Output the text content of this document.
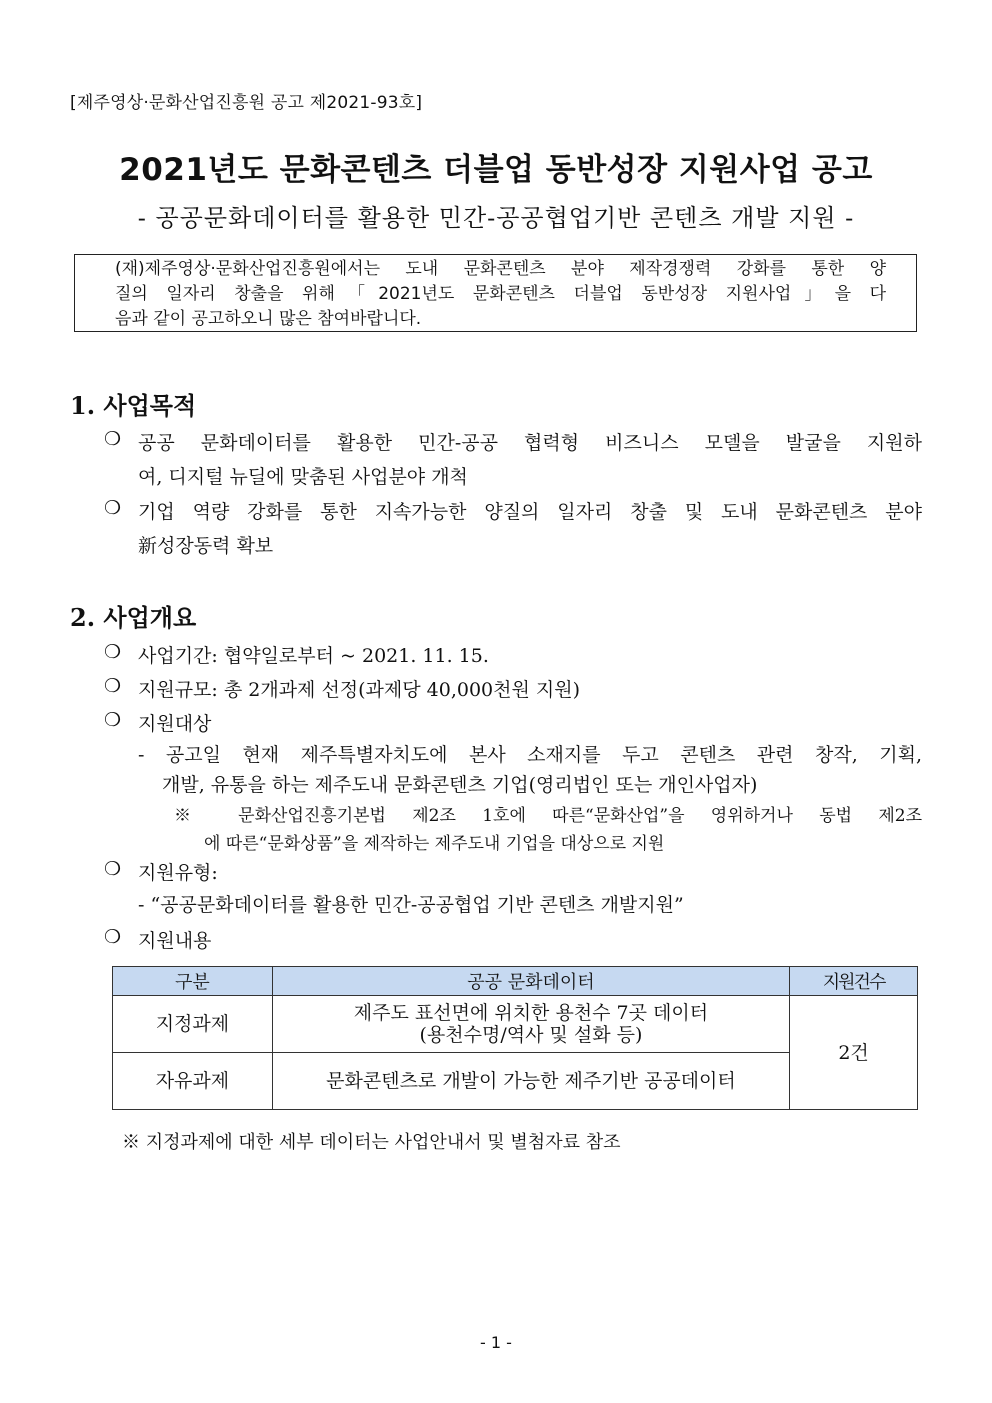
[제주영상·문화산업진흥원 공고 제2021-93호]
2021년도 문화콘텐츠 더블업 동반성장 지원사업 공고
- 공공문화데이터를 활용한 민간-공공협업기반 콘텐츠 개발 지원 -
(재)제주영상·문화산업진흥원에서는 도내 문화콘텐츠 분야 제작경쟁력 강화를 통한 양
질의 일자리 창출을 위해「2021년도 문화콘텐츠 더블업 동반성장 지원사업」을 다
음과 같이 공고하오니 많은 참여바랍니다.
1. 사업목적
❍ 공공 문화데이터를 활용한 민간-공공 협력형 비즈니스 모델을 발굴을 지원하
여, 디지털 뉴딜에 맞춤된 사업분야 개척
❍ 기업 역량 강화를 통한 지속가능한 양질의 일자리 창출 및 도내 문화콘텐츠 분야
新성장동력 확보
2. 사업개요
❍ 사업기간: 협약일로부터 ~ 2021. 11. 15.
❍ 지원규모: 총 2개과제 선정(과제당 40,000천원 지원)
❍ 지원대상
- 공고일 현재 제주특별자치도에 본사 소재지를 두고 콘텐츠 관련 창작, 기획,
개발, 유통을 하는 제주도내 문화콘텐츠 기업(영리법인 또는 개인사업자)
※ 문화산업진흥기본법 제2조 1호에 따른“문화산업”을 영위하거나 동법 제2조
에 따른“문화상품”을 제작하는 제주도내 기업을 대상으로 지원
❍ 지원유형:
- “공공문화데이터를 활용한 민간-공공협업 기반 콘텐츠 개발지원”
❍ 지원내용
구분	공공 문화데이터	지원건수
지정과제	제주도 표선면에 위치한 용천수 7곳 데이터
(용천수명/역사 및 설화 등)	2건
자유과제	문화콘텐츠로 개발이 가능한 제주기반 공공데이터	
※ 지정과제에 대한 세부 데이터는 사업안내서 및 별첨자료 참조
- 1 -
